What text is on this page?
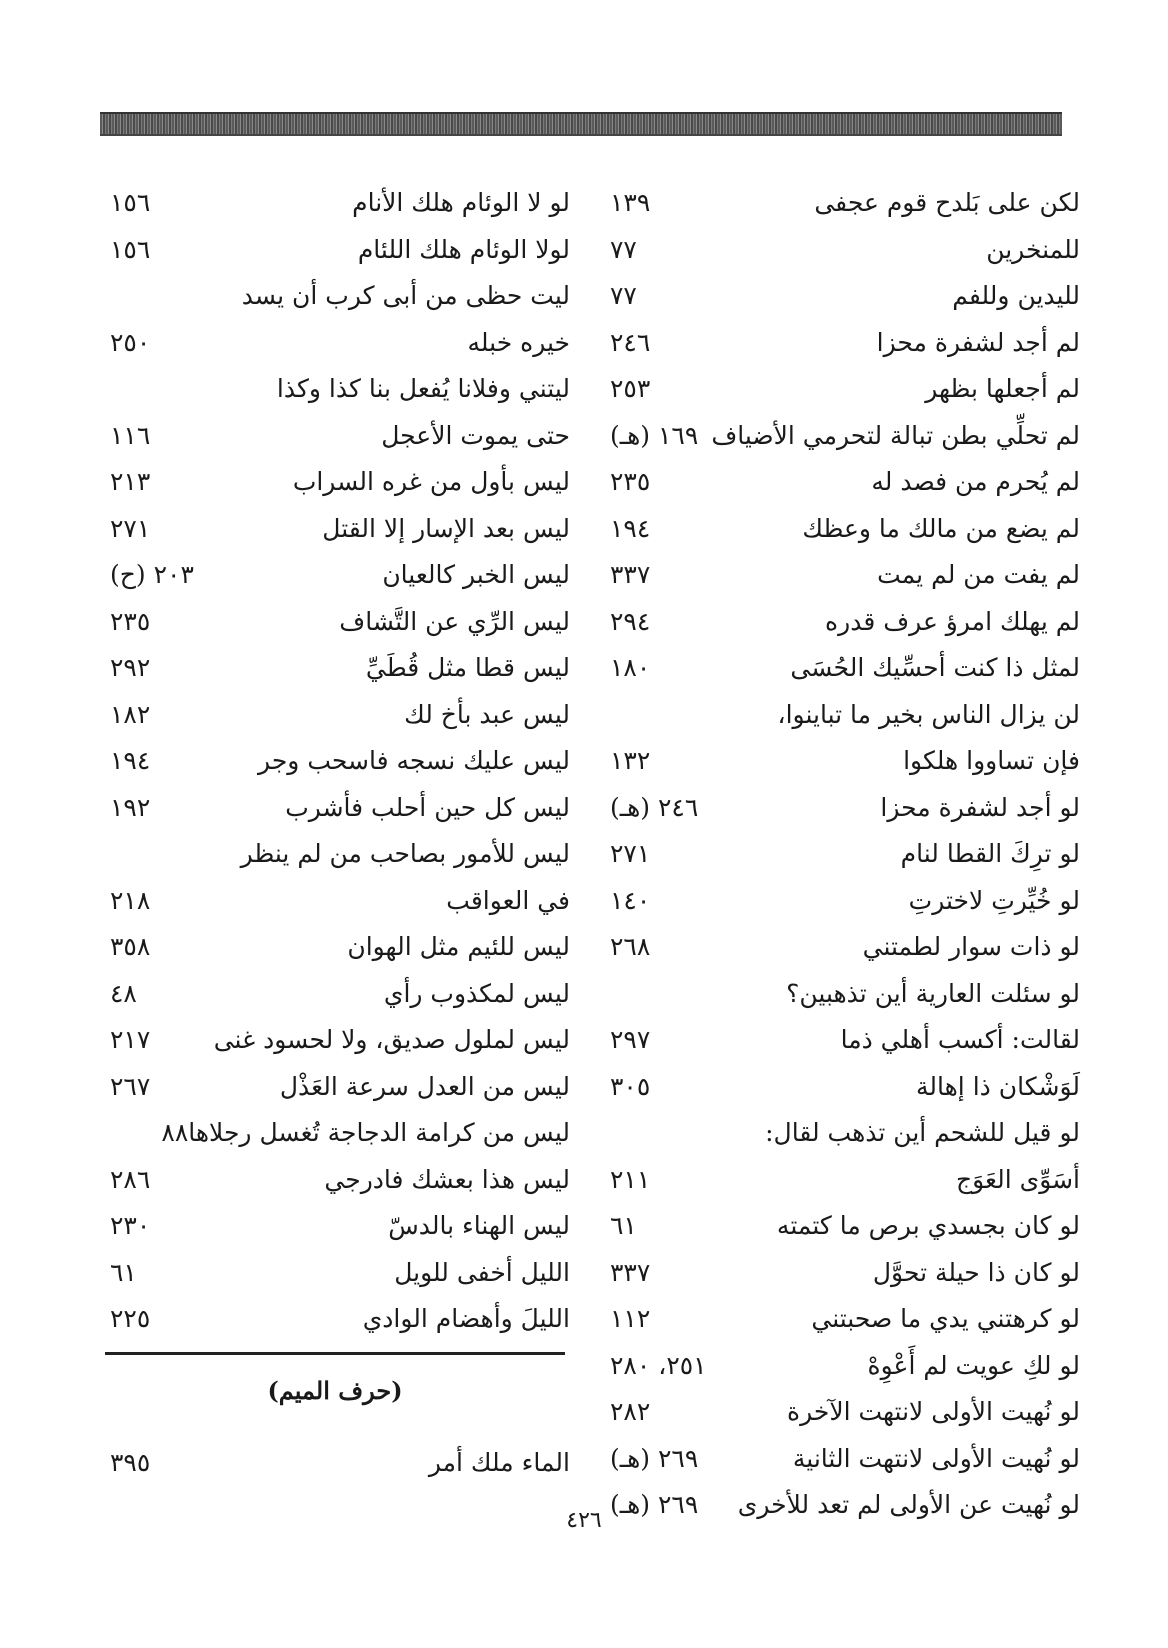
لكن على بَلدح قوم عجفى
١٣٩
للمنخرين
٧٧
لليدين وللفم
٧٧
لم أجد لشفرة محزا
٢٤٦
لم أجعلها بظهر
٢٥٣
لم تحلِّي بطن تبالة لتحرمي الأضياف
١٦٩ (هـ)
لم يُحرم من فصد له
٢٣٥
لم يضع من مالك ما وعظك
١٩٤
لم يفت من لم يمت
٣٣٧
لم يهلك امرؤ عرف قدره
٢٩٤
لمثل ذا كنت أحسِّيك الحُسَى
١٨٠
لن يزال الناس بخير ما تباينوا،
فإن تساووا هلكوا
١٣٢
لو أجد لشفرة محزا
٢٤٦ (هـ)
لو ترِكَ القطا لنام
٢٧١
لو خُيِّرتِ لاخترتِ
١٤٠
لو ذات سوار لطمتني
٢٦٨
لو سئلت العارية أين تذهبين؟
لقالت: أكسب أهلي ذما
٢٩٧
لَوَشْكان ذا إهالة
٣٠٥
لو قيل للشحم أين تذهب لقال:
أسَوِّى العَوَج
٢١١
لو كان بجسدي برص ما كتمته
٦١
لو كان ذا حيلة تحوَّل
٣٣٧
لو كرهتني يدي ما صحبتني
١١٢
لو لكِ عويت لم أَعْوِهْ
٢٥١، ٢٨٠
لو نُهيت الأولى لانتهت الآخرة
٢٨٢
لو نُهيت الأولى لانتهت الثانية
٢٦٩ (هـ)
لو نُهيت عن الأولى لم تعد للأخرى
٢٦٩ (هـ)
لو لا الوئام هلك الأنام
١٥٦
لولا الوئام هلك اللئام
١٥٦
ليت حظى من أبى كرب أن يسد
خيره خبله
٢٥٠
ليتني وفلانا يُفعل بنا كذا وكذا
حتى يموت الأعجل
١١٦
ليس بأول من غره السراب
٢١٣
ليس بعد الإسار إلا القتل
٢٧١
ليس الخبر كالعيان
٢٠٣ (ح)
ليس الرِّي عن التَّشاف
٢٣٥
ليس قطا مثل قُطَيِّ
٢٩٢
ليس عبد بأخ لك
١٨٢
ليس عليك نسجه فاسحب وجر
١٩٤
ليس كل حين أحلب فأشرب
١٩٢
ليس للأمور بصاحب من لم ينظر
في العواقب
٢١٨
ليس للئيم مثل الهوان
٣٥٨
ليس لمكذوب رأي
٤٨
ليس لملول صديق، ولا لحسود غنى
٢١٧
ليس من العدل سرعة العَذْل
٢٦٧
ليس من كرامة الدجاجة تُغسل رجلاها٨٨
ليس هذا بعشك فادرجي
٢٨٦
ليس الهناء بالدسّ
٢٣٠
الليل أخفى للويل
٦١
الليلَ وأهضام الوادي
٢٢٥
(حرف الميم)
الماء ملك أمر
٣٩٥
٤٢٦
